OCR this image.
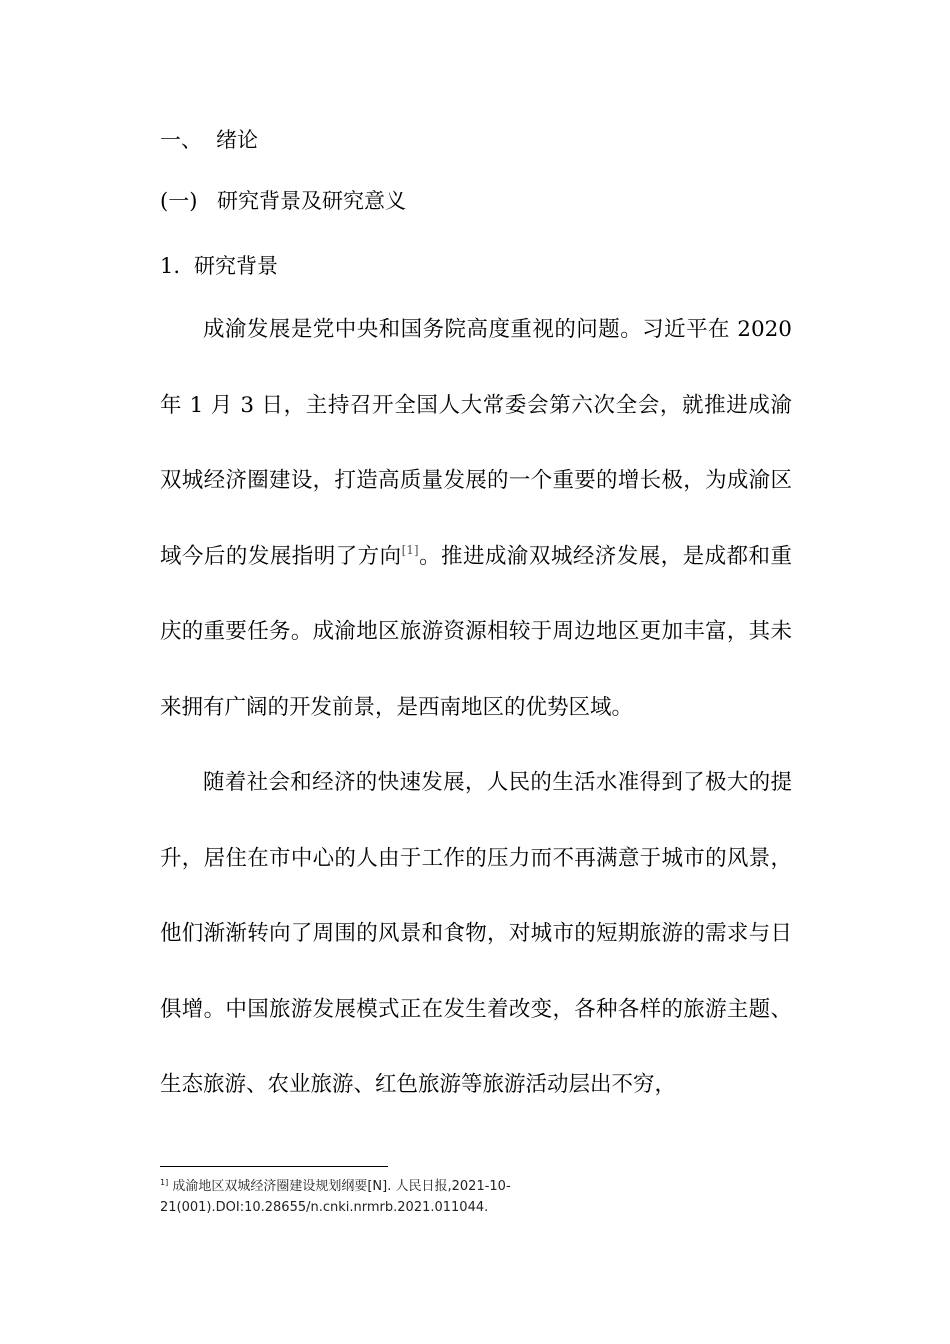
一、 绪论
(一) 研究背景及研究意义
1. 研究背景

成渝发展是党中央和国务院高度重视的问题。习近平在 2020 年 1 月 3 日，主持召开全国人大常委会第六次全会，就推进成渝双城经济圈建设，打造高质量发展的一个重要的增长极，为成渝区域今后的发展指明了方向[1]。推进成渝双城经济发展，是成都和重庆的重要任务。成渝地区旅游资源相较于周边地区更加丰富，其未来拥有广阔的开发前景，是西南地区的优势区域。

随着社会和经济的快速发展，人民的生活水准得到了极大的提升，居住在市中心的人由于工作的压力而不再满意于城市的风景，他们渐渐转向了周围的风景和食物，对城市的短期旅游的需求与日俱增。中国旅游发展模式正在发生着改变，各种各样的旅游主题、生态旅游、农业旅游、红色旅游等旅游活动层出不穷，

$^{1]}$ 成渝地区双城经济圈建设规划纲要[N]. 人民日报,2021-10-21(001).DOI:10.28655/n.cnki.nrmrb.2021.011044.
